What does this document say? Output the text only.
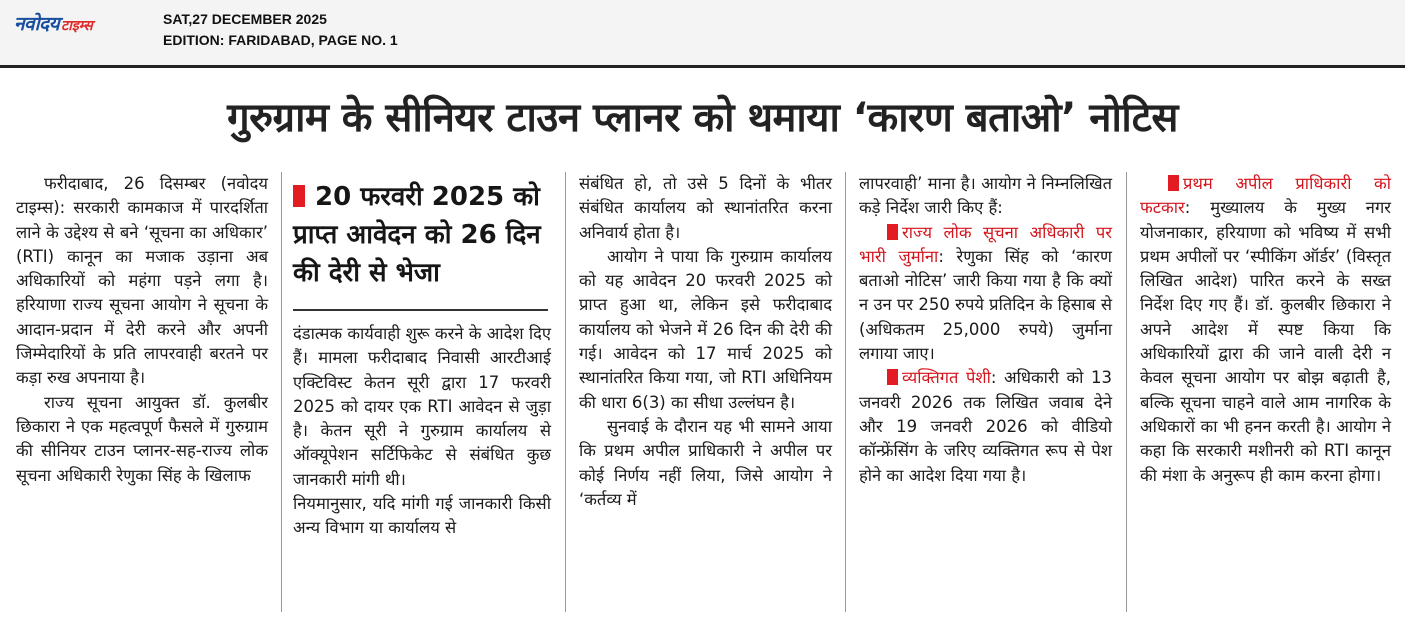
नवोदय टाइम्स	SAT,27 DECEMBER 2025
EDITION: FARIDABAD, PAGE NO. 1
गुरुग्राम के सीनियर टाउन प्लानर को थमाया ‘कारण बताओ’ नोटिस

फरीदाबाद, 26 दिसम्बर (नवोदय टाइम्स): सरकारी कामकाज में पारदर्शिता लाने के उद्देश्य से बने ‘सूचना का अधिकार’ (RTI) कानून का मजाक उड़ाना अब अधिकारियों को महंगा पड़ने लगा है। हरियाणा राज्य सूचना आयोग ने सूचना के आदान-प्रदान में देरी करने और अपनी जिम्मेदारियों के प्रति लापरवाही बरतने पर कड़ा रुख अपनाया है।

राज्य सूचना आयुक्त डॉ. कुलबीर छिकारा ने एक महत्वपूर्ण फैसले में गुरुग्राम की सीनियर टाउन प्लानर-सह-राज्य लोक सूचना अधिकारी रेणुका सिंह के खिलाफ

20 फरवरी 2025 को प्राप्त आवेदन को 26 दिन की देरी से भेजा

दंडात्मक कार्यवाही शुरू करने के आदेश दिए हैं। मामला फरीदाबाद निवासी आरटीआई एक्टिविस्ट केतन सूरी द्वारा 17 फरवरी 2025 को दायर एक RTI आवेदन से जुड़ा है। केतन सूरी ने गुरुग्राम कार्यालय से ऑक्यूपेशन सर्टिफिकेट से संबंधित कुछ जानकारी मांगी थी।

नियमानुसार, यदि मांगी गई जानकारी किसी अन्य विभाग या कार्यालय से

संबंधित हो, तो उसे 5 दिनों के भीतर संबंधित कार्यालय को स्थानांतरित करना अनिवार्य होता है।

आयोग ने पाया कि गुरुग्राम कार्यालय को यह आवेदन 20 फरवरी 2025 को प्राप्त हुआ था, लेकिन इसे फरीदाबाद कार्यालय को भेजने में 26 दिन की देरी की गई। आवेदन को 17 मार्च 2025 को स्थानांतरित किया गया, जो RTI अधिनियम की धारा 6(3) का सीधा उल्लंघन है।

सुनवाई के दौरान यह भी सामने आया कि प्रथम अपील प्राधिकारी ने अपील पर कोई निर्णय नहीं लिया, जिसे आयोग ने ‘कर्तव्य में

लापरवाही’ माना है। आयोग ने निम्नलिखित कड़े निर्देश जारी किए हैं:

राज्य लोक सूचना अधिकारी पर भारी जुर्माना: रेणुका सिंह को ‘कारण बताओ नोटिस’ जारी किया गया है कि क्यों न उन पर 250 रुपये प्रतिदिन के हिसाब से (अधिकतम 25,000 रुपये) जुर्माना लगाया जाए।

व्यक्तिगत पेशी: अधिकारी को 13 जनवरी 2026 तक लिखित जवाब देने और 19 जनवरी 2026 को वीडियो कॉन्फ्रेंसिंग के जरिए व्यक्तिगत रूप से पेश होने का आदेश दिया गया है।

प्रथम अपील प्राधिकारी को फटकार: मुख्यालय के मुख्य नगर योजनाकार, हरियाणा को भविष्य में सभी प्रथम अपीलों पर ‘स्पीकिंग ऑर्डर’ (विस्तृत लिखित आदेश) पारित करने के सख्त निर्देश दिए गए हैं। डॉ. कुलबीर छिकारा ने अपने आदेश में स्पष्ट किया कि अधिकारियों द्वारा की जाने वाली देरी न केवल सूचना आयोग पर बोझ बढ़ाती है, बल्कि सूचना चाहने वाले आम नागरिक के अधिकारों का भी हनन करती है। आयोग ने कहा कि सरकारी मशीनरी को RTI कानून की मंशा के अनुरूप ही काम करना होगा।
